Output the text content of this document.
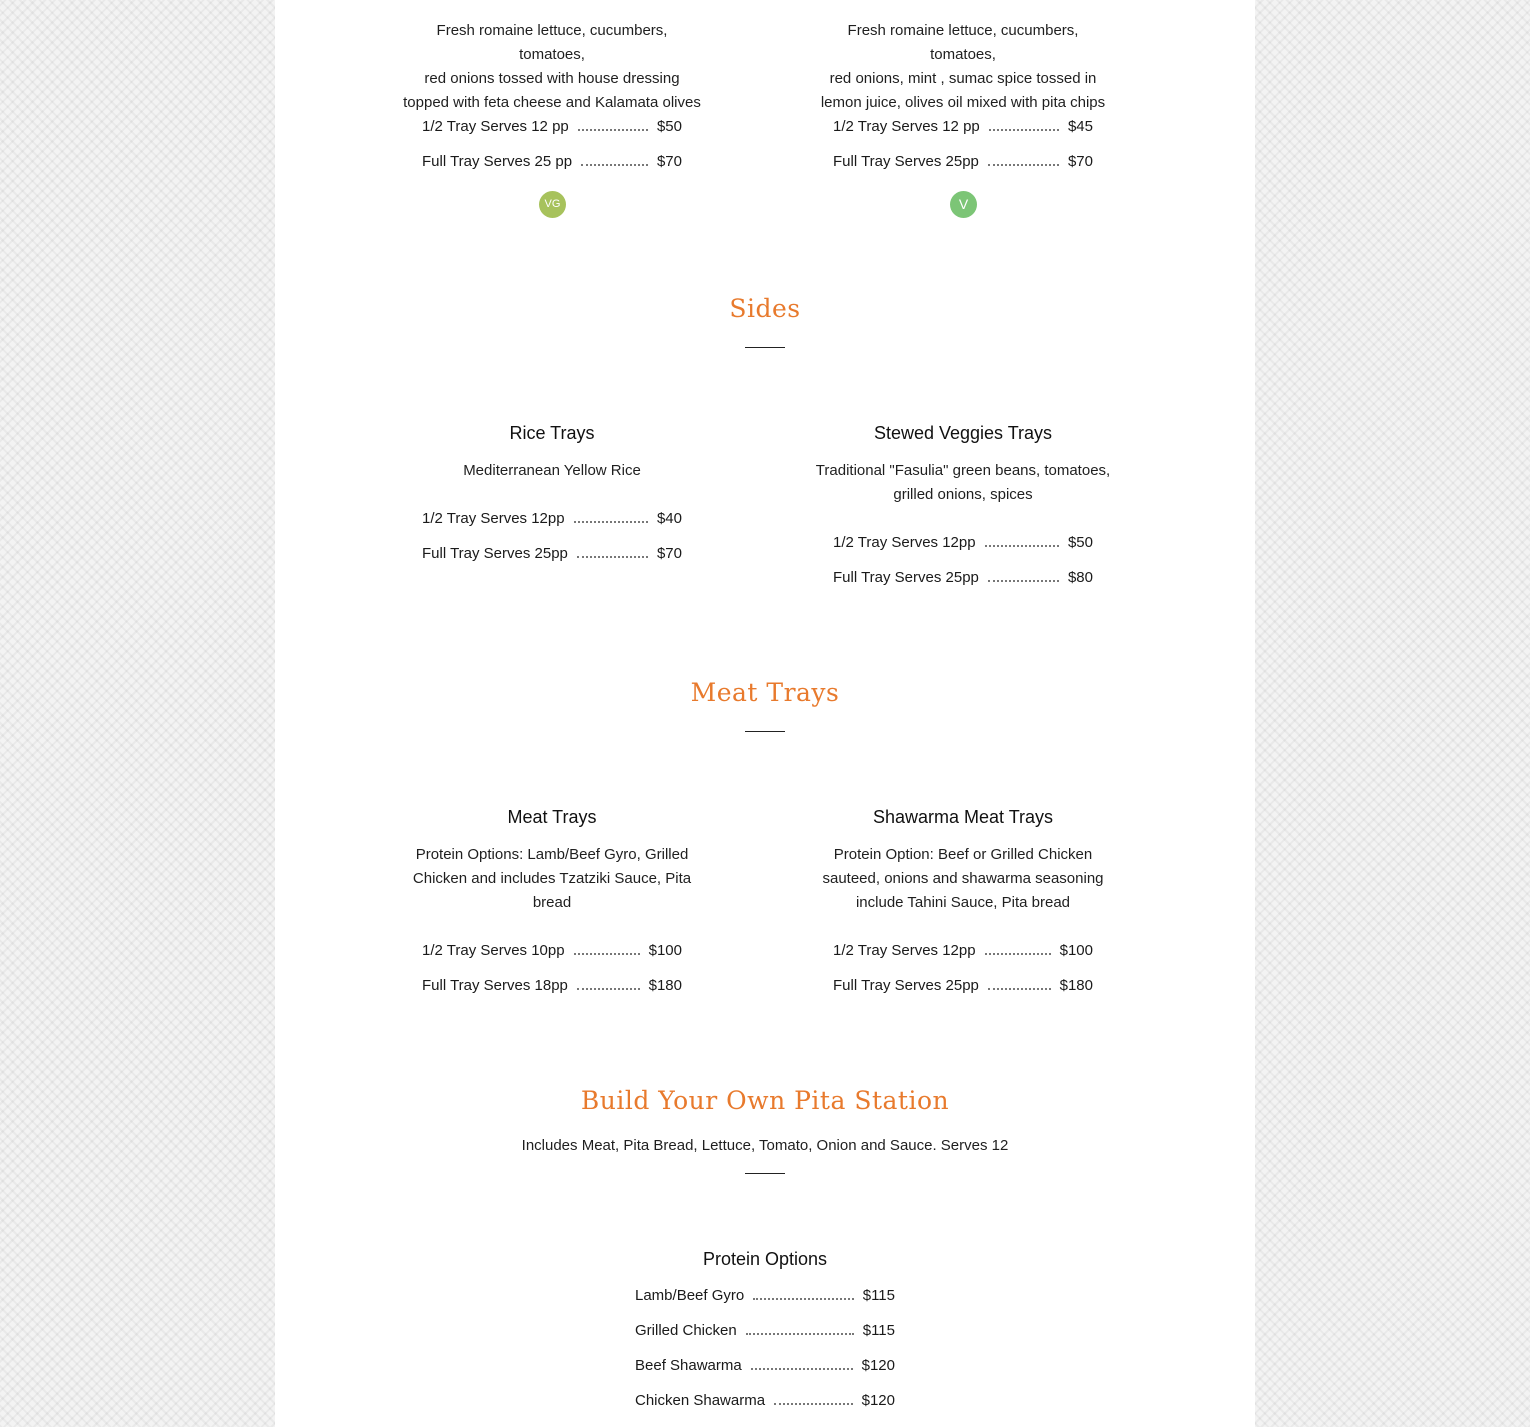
Fresh romaine lettuce, cucumbers, tomatoes,
red onions tossed with house dressing
topped with feta cheese and Kalamata olives
Fresh romaine lettuce, cucumbers, tomatoes,
red onions, mint , sumac spice tossed in
lemon juice, olives oil mixed with pita chips
1/2 Tray Serves 12 pp	$50
Full Tray Serves 25 pp	$70
1/2 Tray Serves 12 pp	$45
Full Tray Serves 25pp	$70
VG	V
Sides
Rice Trays	Stewed Veggies Trays
Mediterranean Yellow Rice	Traditional "Fasulia" green beans, tomatoes,
grilled onions, spices
1/2 Tray Serves 12pp	$40
Full Tray Serves 25pp	$70
1/2 Tray Serves 12pp	$50
Full Tray Serves 25pp	$80
Meat Trays
Meat Trays	Shawarma Meat Trays
Protein Options: Lamb/Beef Gyro, Grilled
Chicken and includes Tzatziki Sauce, Pita
bread
Protein Option: Beef or Grilled Chicken
sauteed, onions and shawarma seasoning
include Tahini Sauce, Pita bread
1/2 Tray Serves 10pp	$100
Full Tray Serves 18pp	$180
1/2 Tray Serves 12pp	$100
Full Tray Serves 25pp	$180
Build Your Own Pita Station
Includes Meat, Pita Bread, Lettuce, Tomato, Onion and Sauce. Serves 12
Protein Options
Lamb/Beef Gyro	$115
Grilled Chicken	$115
Beef Shawarma	$120
Chicken Shawarma	$120
